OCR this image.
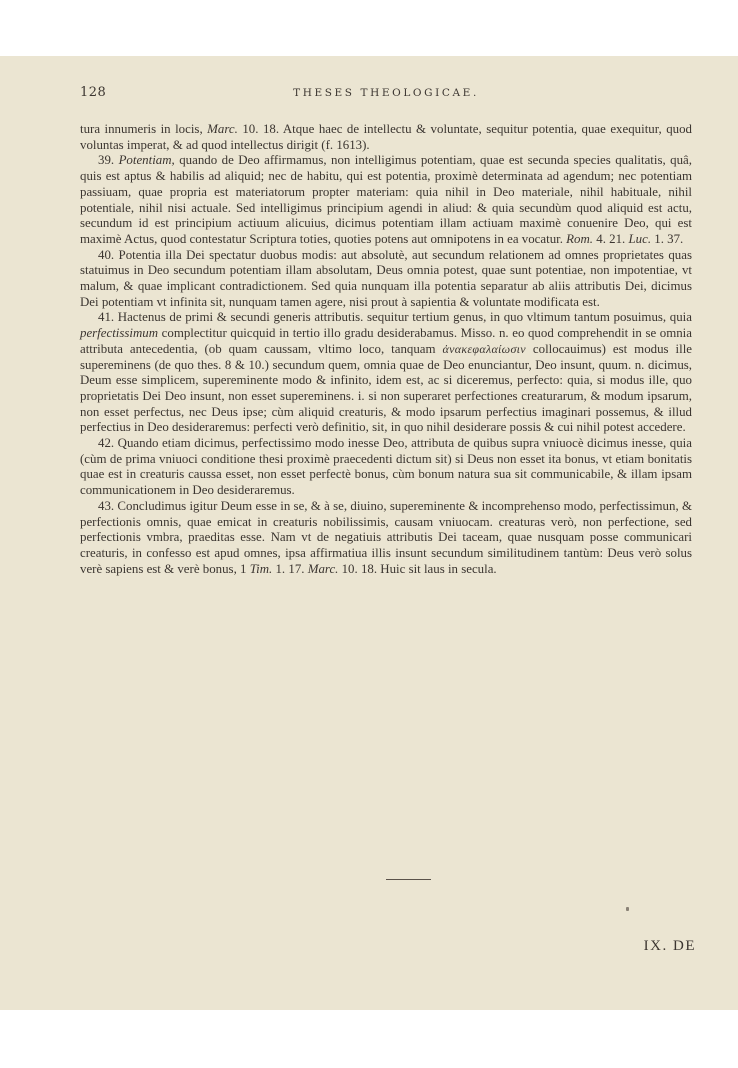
128	THESES THEOLOGICAE.

tura innumeris in locis, Marc. 10. 18. Atque haec de intellectu & voluntate, sequitur potentia, quae exequitur, quod voluntas imperat, & ad quod intellectus dirigit (f. 1613).

39. Potentiam, quando de Deo affirmamus, non intelligimus potentiam, quae est secunda species qualitatis, quâ, quis est aptus & habilis ad aliquid; nec de habitu, qui est potentia, proximè determinata ad agendum; nec potentiam passiuam, quae propria est materiatorum propter materiam: quia nihil in Deo materiale, nihil habituale, nihil potentiale, nihil nisi actuale. Sed intelligimus principium agendi in aliud: & quia secundùm quod aliquid est actu, secundum id est principium actiuum alicuius, dicimus potentiam illam actiuam maximè conuenire Deo, qui est maximè Actus, quod contestatur Scriptura toties, quoties potens aut omnipotens in ea vocatur. Rom. 4. 21. Luc. 1. 37.

40. Potentia illa Dei spectatur duobus modis: aut absolutè, aut secundum relationem ad omnes proprietates quas statuimus in Deo secundum potentiam illam absolutam, Deus omnia potest, quae sunt potentiae, non impotentiae, vt malum, & quae implicant contradictionem. Sed quia nunquam illa potentia separatur ab aliis attributis Dei, dicimus Dei potentiam vt infinita sit, nunquam tamen agere, nisi prout à sapientia & voluntate modificata est.

41. Hactenus de primi & secundi generis attributis. sequitur tertium genus, in quo vltimum tantum posuimus, quia perfectissimum complectitur quicquid in tertio illo gradu desiderabamus. Misso. n. eo quod comprehendit in se omnia attributa antecedentia, (ob quam caussam, vltimo loco, tanquam ἀνακεφαλαίωσιν collocauimus) est modus ille supereminens (de quo thes. 8 & 10.) secundum quem, omnia quae de Deo enunciantur, Deo insunt, quum. n. dicimus, Deum esse simplicem, supereminente modo & infinito, idem est, ac si diceremus, perfecto: quia, si modus ille, quo proprietatis Dei Deo insunt, non esset supereminens. i. si non superaret perfectiones creaturarum, & modum ipsarum, non esset perfectus, nec Deus ipse; cùm aliquid creaturis, & modo ipsarum perfectius imaginari possemus, & illud perfectius in Deo desideraremus: perfecti verò definitio, sit, in quo nihil desiderare possis & cui nihil potest accedere.

42. Quando etiam dicimus, perfectissimo modo inesse Deo, attributa de quibus supra vniuocè dicimus inesse, quia (cùm de prima vniuoci conditione thesi proximè praecedenti dictum sit) si Deus non esset ita bonus, vt etiam bonitatis quae est in creaturis caussa esset, non esset perfectè bonus, cùm bonum natura sua sit communicabile, & illam ipsam communicationem in Deo desideraremus.

43. Concludimus igitur Deum esse in se, & à se, diuino, supereminente & incomprehenso modo, perfectissimun, & perfectionis omnis, quae emicat in creaturis nobilissimis, causam vniuocam. creaturas verò, non perfectione, sed perfectionis vmbra, praeditas esse. Nam vt de negatiuis attributis Dei taceam, quae nusquam posse communicari creaturis, in confesso est apud omnes, ipsa affirmatiua illis insunt secundum similitudinem tantùm: Deus verò solus verè sapiens est & verè bonus, 1 Tim. 1. 17. Marc. 10. 18. Huic sit laus in secula.

IX. DE
